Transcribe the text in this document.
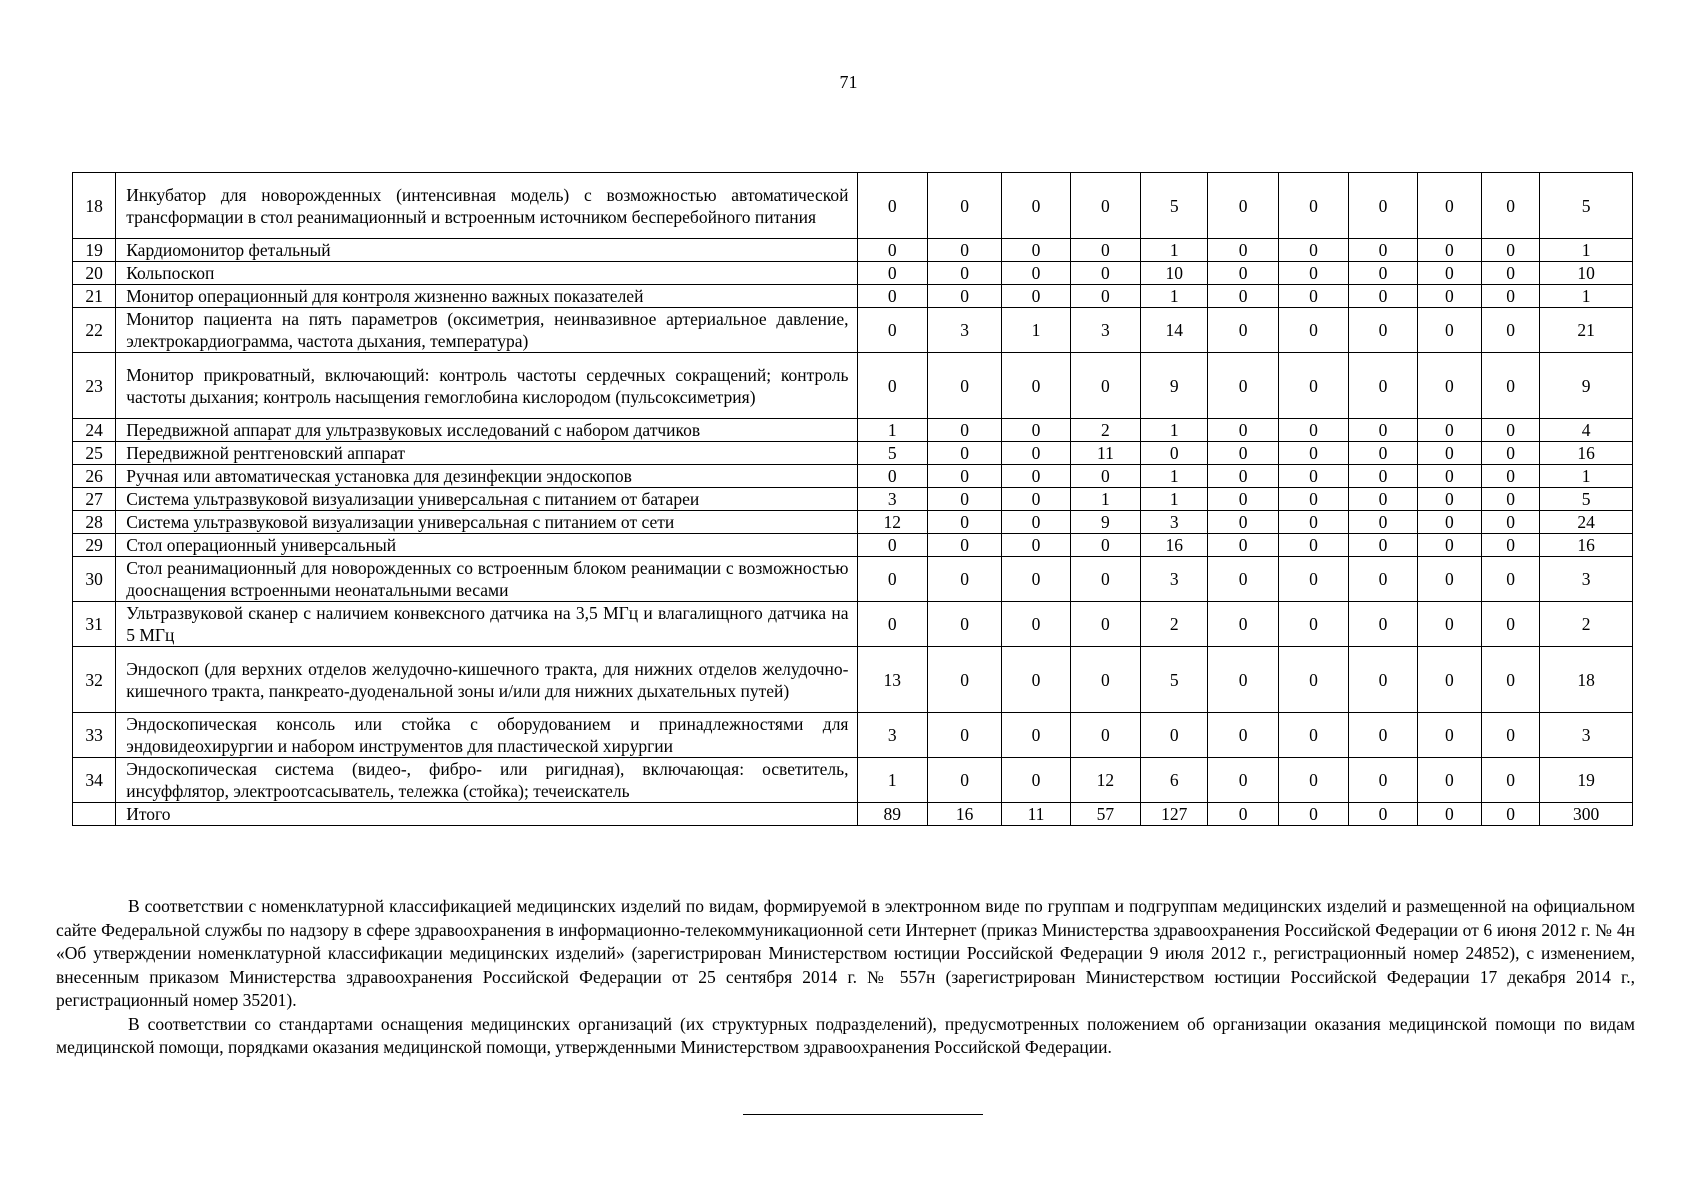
71
18	Инкубатор для новорожденных (интенсивная модель) с возможностью автоматической трансформации в стол реанимационный и встроенным источником бесперебойного питания	0	0	0	0	5	0	0	0	0	0	5
19	Кардиомонитор фетальный	0	0	0	0	1	0	0	0	0	0	1
20	Кольпоскоп	0	0	0	0	10	0	0	0	0	0	10
21	Монитор операционный для контроля жизненно важных показателей	0	0	0	0	1	0	0	0	0	0	1
22	Монитор пациента на пять параметров (оксиметрия, неинвазивное артериальное давление, электрокардиограмма, частота дыхания, температура)	0	3	1	3	14	0	0	0	0	0	21
23	Монитор прикроватный, включающий: контроль частоты сердечных сокращений; контроль частоты дыхания; контроль насыщения гемоглобина кислородом (пульсоксиметрия)	0	0	0	0	9	0	0	0	0	0	9
24	Передвижной аппарат для ультразвуковых исследований с набором датчиков	1	0	0	2	1	0	0	0	0	0	4
25	Передвижной рентгеновский аппарат	5	0	0	11	0	0	0	0	0	0	16
26	Ручная или автоматическая установка для дезинфекции эндоскопов	0	0	0	0	1	0	0	0	0	0	1
27	Система ультразвуковой визуализации универсальная с питанием от батареи	3	0	0	1	1	0	0	0	0	0	5
28	Система ультразвуковой визуализации универсальная с питанием от сети	12	0	0	9	3	0	0	0	0	0	24
29	Стол операционный универсальный	0	0	0	0	16	0	0	0	0	0	16
30	Стол реанимационный для новорожденных со встроенным блоком реанимации с возможностью дооснащения встроенными неонатальными весами	0	0	0	0	3	0	0	0	0	0	3
31	Ультразвуковой сканер с наличием конвексного датчика на 3,5 МГц и влагалищного датчика на 5 МГц	0	0	0	0	2	0	0	0	0	0	2
32	Эндоскоп (для верхних отделов желудочно-кишечного тракта, для нижних отделов желудочно-кишечного тракта, панкреато-дуоденальной зоны и/или для нижних дыхательных путей)	13	0	0	0	5	0	0	0	0	0	18
33	Эндоскопическая консоль или стойка с оборудованием и принадлежностями для эндовидеохирургии и набором инструментов для пластической хирургии	3	0	0	0	0	0	0	0	0	0	3
34	Эндоскопическая система (видео-, фибро- или ригидная), включающая: осветитель, инсуффлятор, электроотсасыватель, тележка (стойка); течеискатель	1	0	0	12	6	0	0	0	0	0	19
	Итого	89	16	11	57	127	0	0	0	0	0	300

В соответствии с номенклатурной классификацией медицинских изделий по видам, формируемой в электронном виде по группам и подгруппам медицинских изделий и размещенной на официальном сайте Федеральной службы по надзору в сфере здравоохранения в информационно-телекоммуникационной сети Интернет (приказ Министерства здравоохранения Российской Федерации от 6 июня 2012 г. № 4н «Об утверждении номенклатурной классификации медицинских изделий» (зарегистрирован Министерством юстиции Российской Федерации 9 июля 2012 г., регистрационный номер 24852), с изменением, внесенным приказом Министерства здравоохранения Российской Федерации от 25 сентября 2014 г. № 557н (зарегистрирован Министерством юстиции Российской Федерации 17 декабря 2014 г., регистрационный номер 35201).

В соответствии со стандартами оснащения медицинских организаций (их структурных подразделений), предусмотренных положением об организации оказания медицинской помощи по видам медицинской помощи, порядками оказания медицинской помощи, утвержденными Министерством здравоохранения Российской Федерации.
